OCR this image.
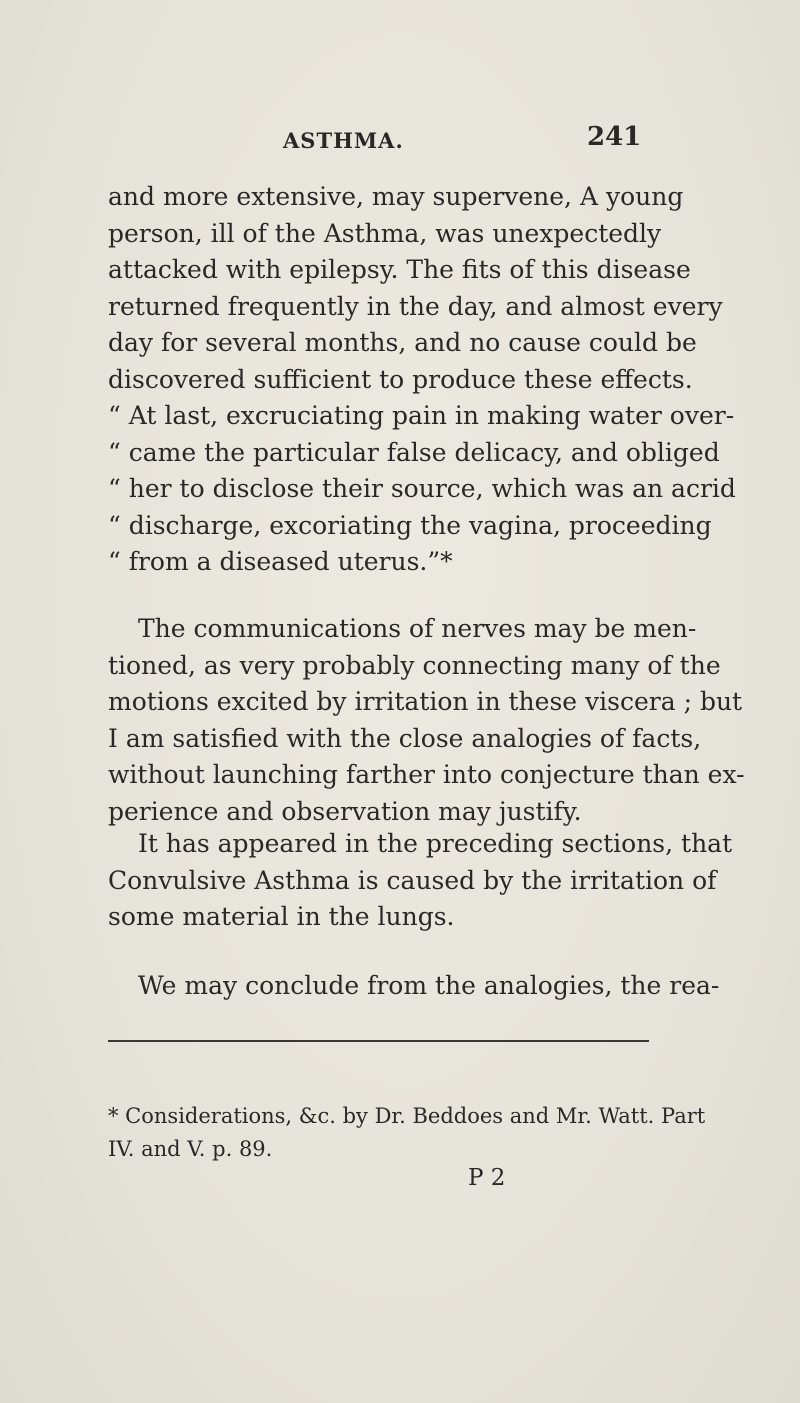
ASTHMA.	241
and more extensive, may supervene, A young
person, ill of the Asthma, was unexpectedly
attacked with epilepsy. The fits of this disease
returned frequently in the day, and almost every
day for several months, and no cause could be
discovered sufficient to produce these effects.
“ At last, excruciating pain in making water over-
“ came the particular false delicacy, and obliged
“ her to disclose their source, which was an acrid
“ discharge, excoriating the vagina, proceeding
“ from a diseased uterus.”*
The communications of nerves may be men-
tioned, as very probably connecting many of the
motions excited by irritation in these viscera ; but
I am satisfied with the close analogies of facts,
without launching farther into conjecture than ex-
perience and observation may justify.
It has appeared in the preceding sections, that
Convulsive Asthma is caused by the irritation of
some material in the lungs.
We may conclude from the analogies, the rea-
* Considerations, &c. by Dr. Beddoes and Mr. Watt. Part
IV. and V. p. 89.
P 2
